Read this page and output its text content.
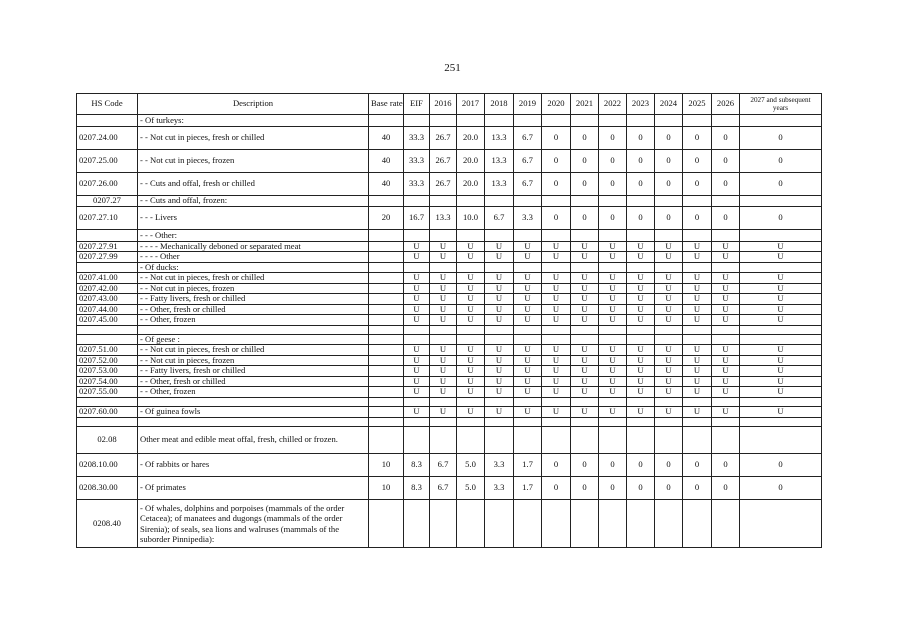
251
HS Code	Description	Base rate	EIF	2016	2017	2018	2019	2020	2021	2022	2023	2024	2025	2026	2027 and subsequent years
	- Of turkeys:														
0207.24.00	- - Not cut in pieces, fresh or chilled	40	33.3	26.7	20.0	13.3	6.7	0	0	0	0	0	0	0	0
0207.25.00	- - Not cut in pieces, frozen	40	33.3	26.7	20.0	13.3	6.7	0	0	0	0	0	0	0	0
0207.26.00	- - Cuts and offal, fresh or chilled	40	33.3	26.7	20.0	13.3	6.7	0	0	0	0	0	0	0	0
0207.27	- - Cuts and offal, frozen:														
0207.27.10	- - - Livers	20	16.7	13.3	10.0	6.7	3.3	0	0	0	0	0	0	0	0
	- - - Other:														
0207.27.91	- - - - Mechanically deboned or separated meat		U	U	U	U	U	U	U	U	U	U	U	U	U
0207.27.99	- - - - Other		U	U	U	U	U	U	U	U	U	U	U	U	U
	- Of ducks:														
0207.41.00	- - Not cut in pieces, fresh or chilled		U	U	U	U	U	U	U	U	U	U	U	U	U
0207.42.00	- - Not cut in pieces, frozen		U	U	U	U	U	U	U	U	U	U	U	U	U
0207.43.00	- - Fatty livers, fresh or chilled		U	U	U	U	U	U	U	U	U	U	U	U	U
0207.44.00	- - Other, fresh or chilled		U	U	U	U	U	U	U	U	U	U	U	U	U
0207.45.00	- - Other, frozen		U	U	U	U	U	U	U	U	U	U	U	U	U

	- Of geese :														
0207.51.00	- - Not cut in pieces, fresh or chilled		U	U	U	U	U	U	U	U	U	U	U	U	U
0207.52.00	- - Not cut in pieces, frozen		U	U	U	U	U	U	U	U	U	U	U	U	U
0207.53.00	- - Fatty livers, fresh or chilled		U	U	U	U	U	U	U	U	U	U	U	U	U
0207.54.00	- - Other, fresh or chilled		U	U	U	U	U	U	U	U	U	U	U	U	U
0207.55.00	- - Other, frozen		U	U	U	U	U	U	U	U	U	U	U	U	U

0207.60.00	- Of guinea fowls		U	U	U	U	U	U	U	U	U	U	U	U	U

02.08	Other meat and edible meat offal, fresh, chilled or frozen.														
0208.10.00	- Of rabbits or hares	10	8.3	6.7	5.0	3.3	1.7	0	0	0	0	0	0	0	0
0208.30.00	- Of primates	10	8.3	6.7	5.0	3.3	1.7	0	0	0	0	0	0	0	0
0208.40	- Of whales, dolphins and porpoises (mammals of the order Cetacea); of manatees and dugongs (mammals of the order Sirenia); of seals, sea lions and walruses (mammals of the suborder Pinnipedia):														
